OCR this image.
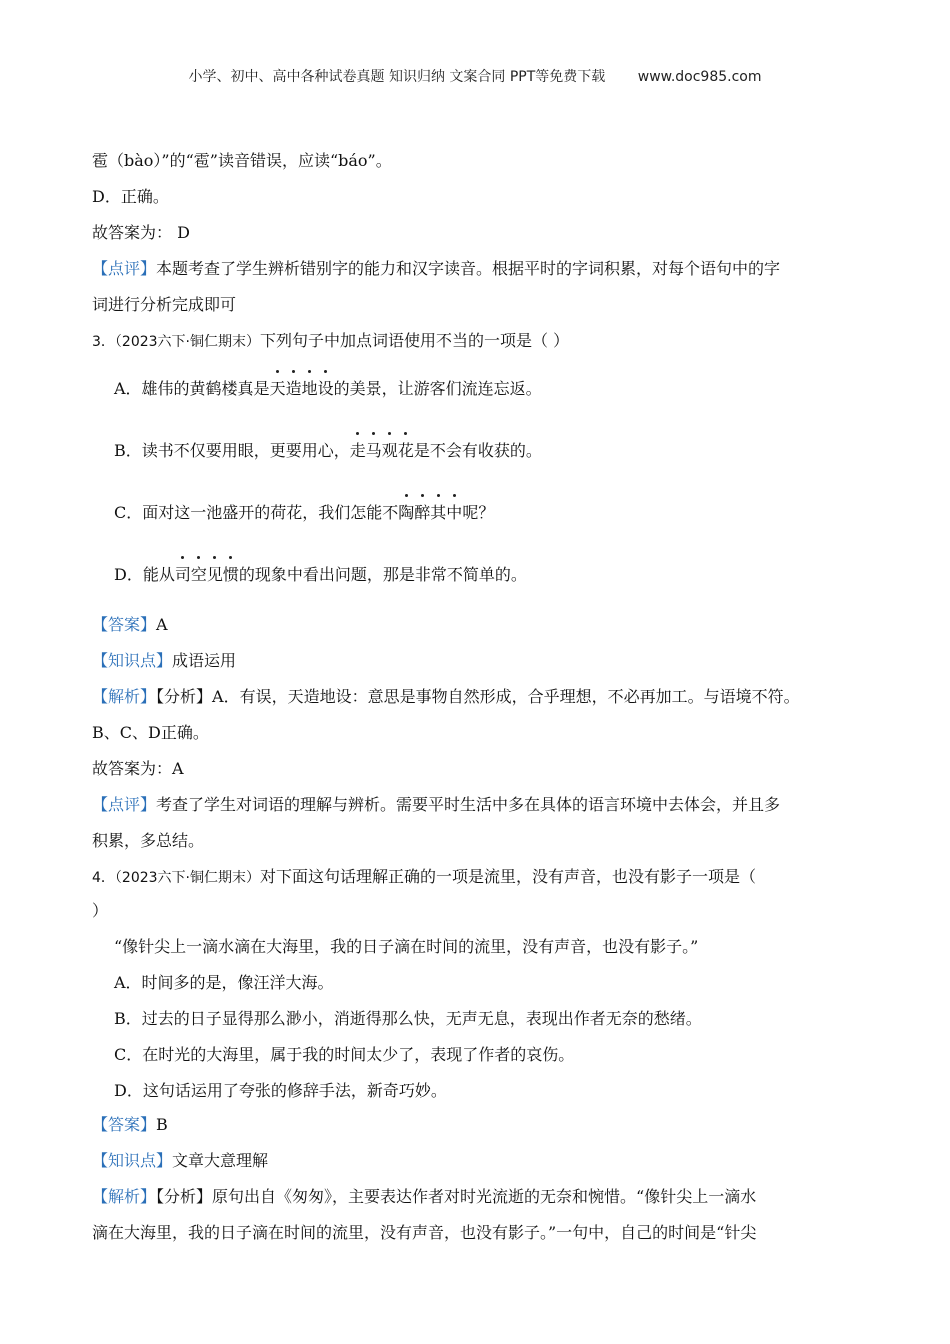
小学、初中、高中各种试卷真题 知识归纳 文案合同 PPT等免费下载 www.doc985.com
雹（bào）”的“雹”读音错误，应读“báo”。
D．正确。
故答案为： D
【点评】本题考查了学生辨析错别字的能力和汉字读音。根据平时的字词积累，对每个语句中的字
词进行分析完成即可
3．（2023六下·铜仁期末）下列句子中加点词语使用不当的一项是（ ）
A．雄伟的黄鹤楼真是天造地设的美景，让游客们流连忘返。
B．读书不仅要用眼，更要用心，走马观花是不会有收获的。
C．面对这一池盛开的荷花，我们怎能不陶醉其中呢？
D．能从司空见惯的现象中看出问题，那是非常不简单的。
【答案】A
【知识点】成语运用
【解析】【分析】A．有误，天造地设：意思是事物自然形成，合乎理想，不必再加工。与语境不符。
B、C、D正确。
故答案为：A
【点评】考查了学生对词语的理解与辨析。需要平时生活中多在具体的语言环境中去体会，并且多
积累，多总结。
4．（2023六下·铜仁期末）对下面这句话理解正确的一项是流里，没有声音，也没有影子一项是（
）
“像针尖上一滴水滴在大海里，我的日子滴在时间的流里，没有声音，也没有影子。”
A．时间多的是，像汪洋大海。
B．过去的日子显得那么渺小，消逝得那么快，无声无息，表现出作者无奈的愁绪。
C．在时光的大海里，属于我的时间太少了，表现了作者的哀伤。
D．这句话运用了夸张的修辞手法，新奇巧妙。
【答案】B
【知识点】文章大意理解
【解析】【分析】原句出自《匆匆》，主要表达作者对时光流逝的无奈和惋惜。“像针尖上一滴水
滴在大海里，我的日子滴在时间的流里，没有声音，也没有影子。”一句中，自己的时间是“针尖
